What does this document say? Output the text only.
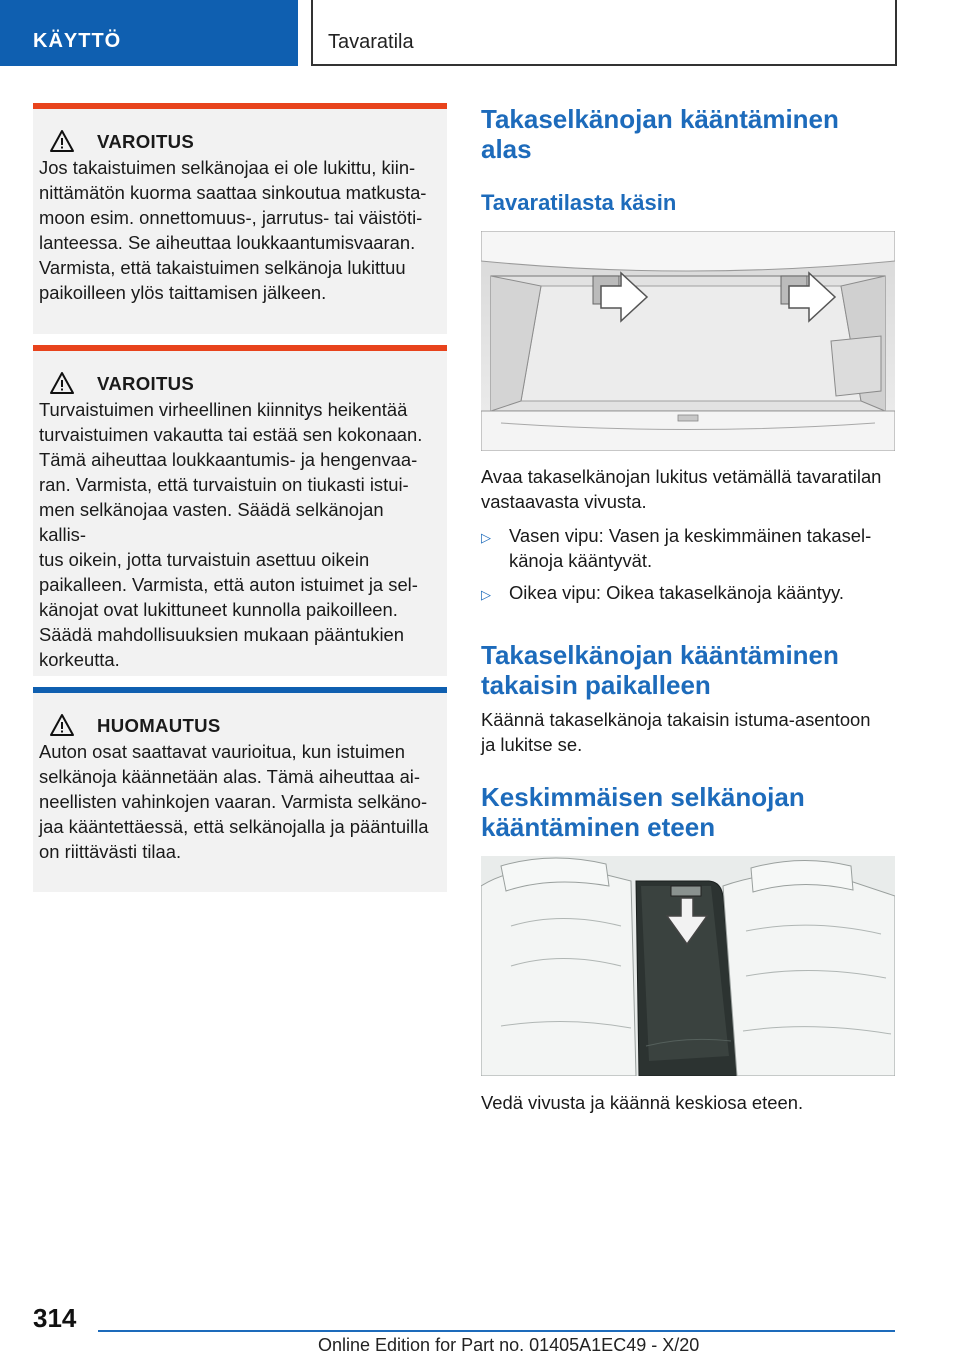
KÄYTTÖ	Tavaratila
VAROITUS
Jos takaistuimen selkänojaa ei ole lukittu, kiin-
nittämätön kuorma saattaa sinkoutua matkusta-
moon esim. onnettomuus-, jarrutus- tai väistöti-
lanteessa. Se aiheuttaa loukkaantumisvaaran.
Varmista, että takaistuimen selkänoja lukittuu
paikoilleen ylös taittamisen jälkeen.
VAROITUS
Turvaistuimen virheellinen kiinnitys heikentää
turvaistuimen vakautta tai estää sen kokonaan.
Tämä aiheuttaa loukkaantumis- ja hengenvaa-
ran. Varmista, että turvaistuin on tiukasti istui-
men selkänojaa vasten. Säädä selkänojan kallis-
tus oikein, jotta turvaistuin asettuu oikein
paikalleen. Varmista, että auton istuimet ja sel-
känojat ovat lukittuneet kunnolla paikoilleen.
Säädä mahdollisuuksien mukaan pääntukien
korkeutta.
HUOMAUTUS
Auton osat saattavat vaurioitua, kun istuimen
selkänoja käännetään alas. Tämä aiheuttaa ai-
neellisten vahinkojen vaaran. Varmista selkäno-
jaa kääntettäessä, että selkänojalla ja pääntuilla
on riittävästi tilaa.
Takaselkänojan kääntäminen
alas
Tavaratilasta käsin
Avaa takaselkänojan lukitus vetämällä tavaratilan
vastaavasta vivusta.
▷ Vasen vipu: Vasen ja keskimmäinen takasel-
känoja kääntyvät.
▷ Oikea vipu: Oikea takaselkänoja kääntyy.
Takaselkänojan kääntäminen
takaisin paikalleen
Käännä takaselkänoja takaisin istuma-asentoon
ja lukitse se.
Keskimmäisen selkänojan
kääntäminen eteen
Vedä vivusta ja käännä keskiosa eteen.
314
Online Edition for Part no. 01405A1EC49 - X/20
